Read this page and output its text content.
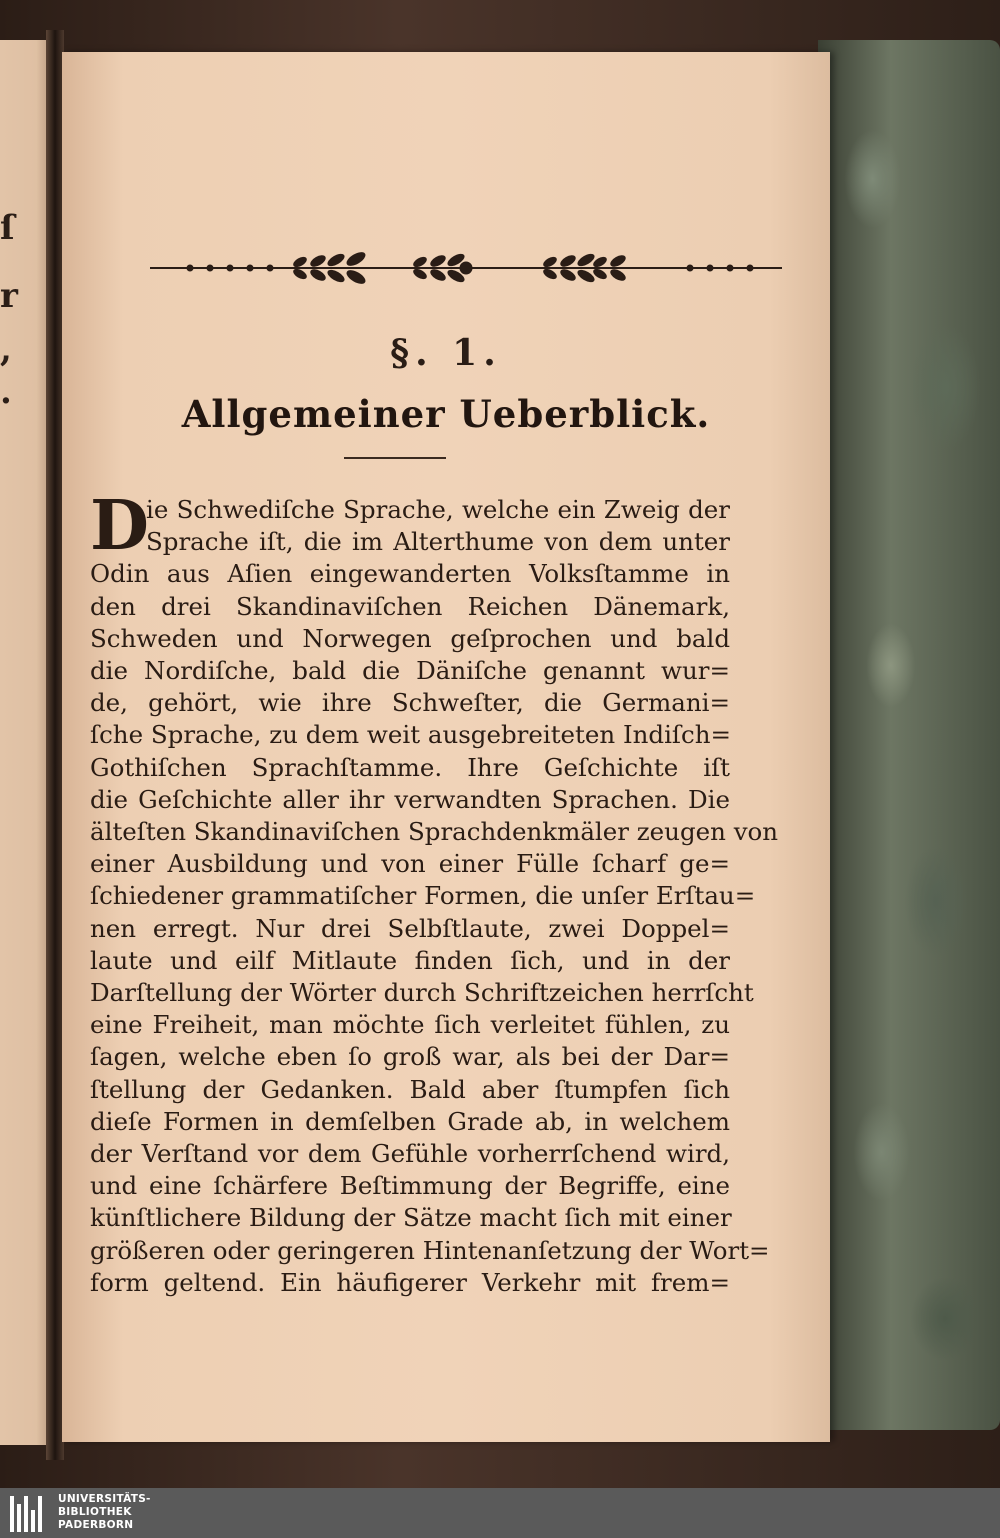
ſ
r
,
.
§. 1.
Allgemeiner Ueberblick.
D
ie Schwediſche Sprache, welche ein Zweig der
Sprache iſt, die im Alterthume von dem unter
Odin aus Aſien eingewanderten Volksſtamme in
den drei Skandinaviſchen Reichen Dänemark,
Schweden und Norwegen geſprochen und bald
die Nordiſche, bald die Däniſche genannt wur=
de, gehört, wie ihre Schweſter, die Germani=
ſche Sprache, zu dem weit ausgebreiteten Indiſch=
Gothiſchen Sprachſtamme. Ihre Geſchichte iſt
die Geſchichte aller ihr verwandten Sprachen. Die
älteſten Skandinaviſchen Sprachdenkmäler zeugen von
einer Ausbildung und von einer Fülle ſcharf ge=
ſchiedener grammatiſcher Formen, die unſer Erſtau=
nen erregt. Nur drei Selbſtlaute, zwei Doppel=
laute und eilf Mitlaute finden ſich, und in der
Darſtellung der Wörter durch Schriftzeichen herrſcht
eine Freiheit, man möchte ſich verleitet fühlen, zu
ſagen, welche eben ſo groß war, als bei der Dar=
ſtellung der Gedanken. Bald aber ſtumpfen ſich
dieſe Formen in demſelben Grade ab, in welchem
der Verſtand vor dem Gefühle vorherrſchend wird,
und eine ſchärfere Beſtimmung der Begriffe, eine
künſtlichere Bildung der Sätze macht ſich mit einer
größeren oder geringeren Hintenanſetzung der Wort=
form geltend. Ein häufigerer Verkehr mit frem=
UNIVERSITÄTS-
BIBLIOTHEK
PADERBORN
